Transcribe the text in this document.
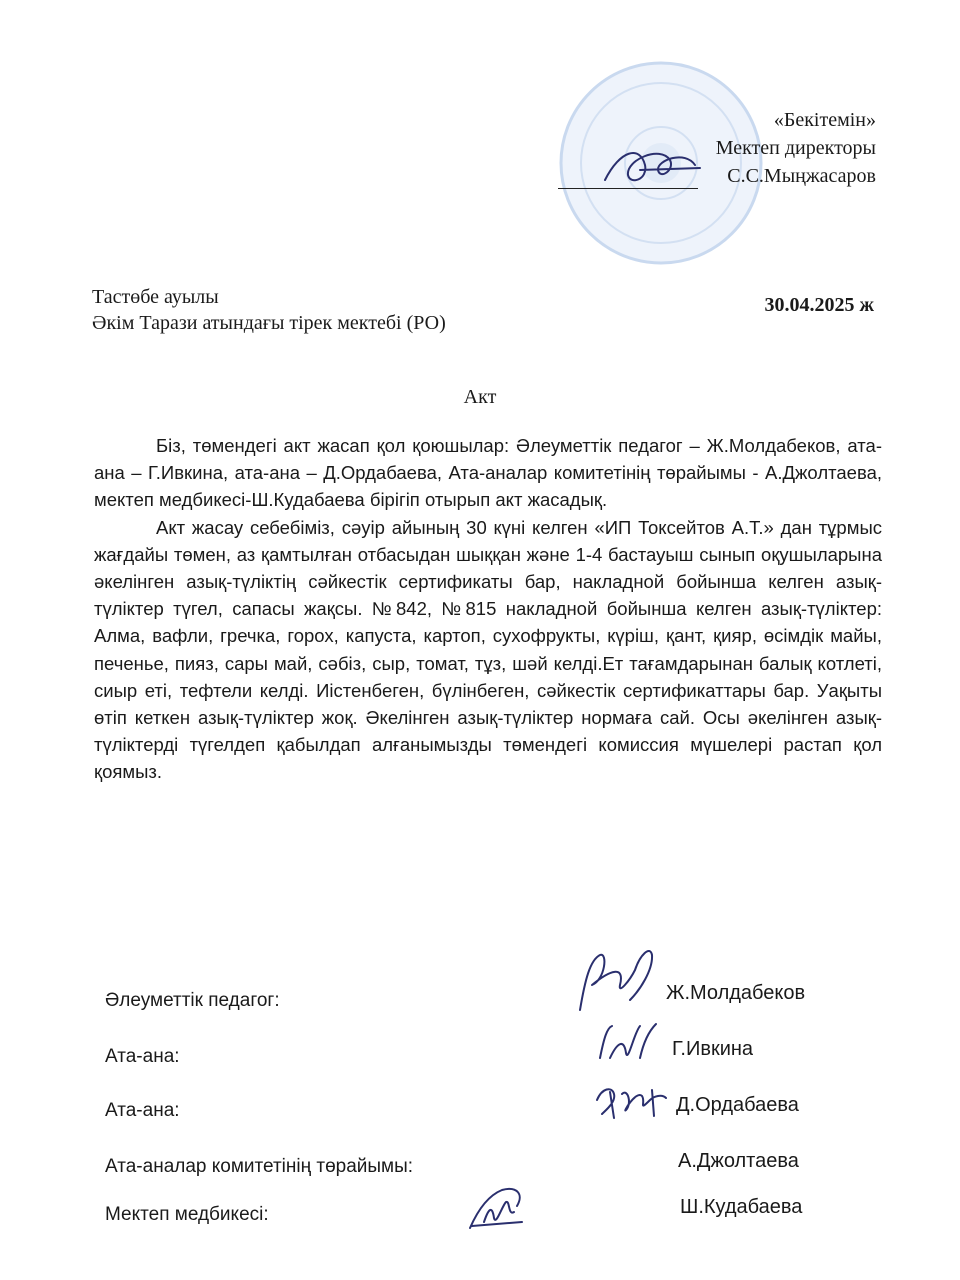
«Бекітемін»
Мектеп директоры
С.С.Мыңжасаров
Тастөбе ауылы
Әкім Тарази атындағы тірек мектебі (РО)
30.04.2025 ж
Акт

Біз, төмендегі акт жасап қол қоюшылар: Әлеуметтік педагог – Ж.Молдабеков, ата-ана – Г.Ивкина, ата-ана – Д.Ордабаева, Ата-аналар комитетінің төрайымы - А.Джолтаева, мектеп медбикесі-Ш.Кудабаева бірігіп отырып акт жасадық.

Акт жасау себебіміз, сәуір айының 30 күні келген «ИП Токсейтов А.Т.» дан тұрмыс жағдайы төмен, аз қамтылған отбасыдан шыққан және 1-4 бастауыш сынып оқушыларына әкелінген азық-түліктің сәйкестік сертификаты бар, накладной бойынша келген азық-түліктер түгел, сапасы жақсы. №842, №815 накладной бойынша келген азық-түліктер: Алма, вафли, гречка, горох, капуста, картоп, сухофрукты, күріш, қант, қияр, өсімдік майы, печенье, пияз, сары май, сәбіз, сыр, томат, тұз, шәй келді.Ет тағамдарынан балық котлеті, сиыр еті, тефтели келді. Иістенбеген, бүлінбеген, сәйкестік сертификаттары бар. Уақыты өтіп кеткен азық-түліктер жоқ. Әкелінген азық-түліктер нормаға сай. Осы әкелінген азық-түліктерді түгелдеп қабылдап алғанымызды төмендегі комиссия мүшелері растап қол қоямыз.

Әлеуметтік педагог:
Ата-ана:
Ата-ана:
Ата-аналар комитетінің төрайымы:
Мектеп медбикесі:
Ж.Молдабеков
Г.Ивкина
Д.Ордабаева
А.Джолтаева
Ш.Кудабаева
